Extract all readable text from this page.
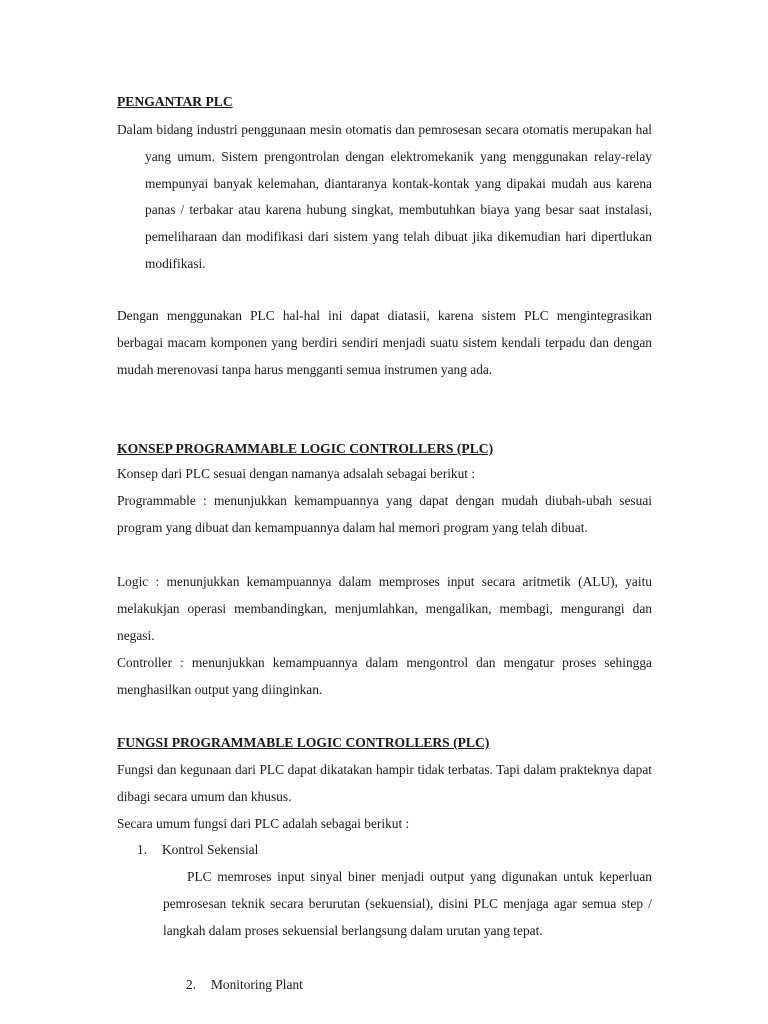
PENGANTAR PLC

Dalam bidang industri penggunaan mesin otomatis dan pemrosesan secara otomatis merupakan hal yang umum. Sistem prengontrolan dengan elektromekanik yang menggunakan relay-relay mempunyai banyak kelemahan, diantaranya kontak-kontak yang dipakai mudah aus karena panas / terbakar atau karena hubung singkat, membutuhkan biaya yang besar saat instalasi, pemeliharaan dan modifikasi dari sistem yang telah dibuat jika dikemudian hari dipertlukan modifikasi.

Dengan menggunakan PLC hal-hal ini dapat diatasii, karena sistem PLC mengintegrasikan berbagai macam komponen yang berdiri sendiri menjadi suatu sistem kendali terpadu dan dengan mudah merenovasi tanpa harus mengganti semua instrumen yang ada.

KONSEP PROGRAMMABLE LOGIC CONTROLLERS (PLC)

Konsep dari PLC sesuai dengan namanya adsalah sebagai berikut :

Programmable : menunjukkan kemampuannya yang dapat dengan mudah diubah-ubah sesuai program yang dibuat dan kemampuannya dalam hal memori program yang telah dibuat.

Logic : menunjukkan kemampuannya dalam memproses input secara aritmetik (ALU), yaitu melakukjan operasi membandingkan, menjumlahkan, mengalikan, membagi, mengurangi dan negasi.

Controller : menunjukkan kemampuannya dalam mengontrol dan mengatur proses sehingga menghasilkan output yang diinginkan.

FUNGSI PROGRAMMABLE LOGIC CONTROLLERS (PLC)

Fungsi dan kegunaan dari PLC dapat dikatakan hampir tidak terbatas. Tapi dalam prakteknya dapat dibagi secara umum dan khusus.

Secara umum fungsi dari PLC adalah sebagai berikut :

1. Kontrol Sekensial

PLC memroses input sinyal biner menjadi output yang digunakan untuk keperluan pemrosesan teknik secara berurutan (sekuensial), disini PLC menjaga agar semua step / langkah dalam proses sekuensial berlangsung dalam urutan yang tepat.

2. Monitoring Plant
